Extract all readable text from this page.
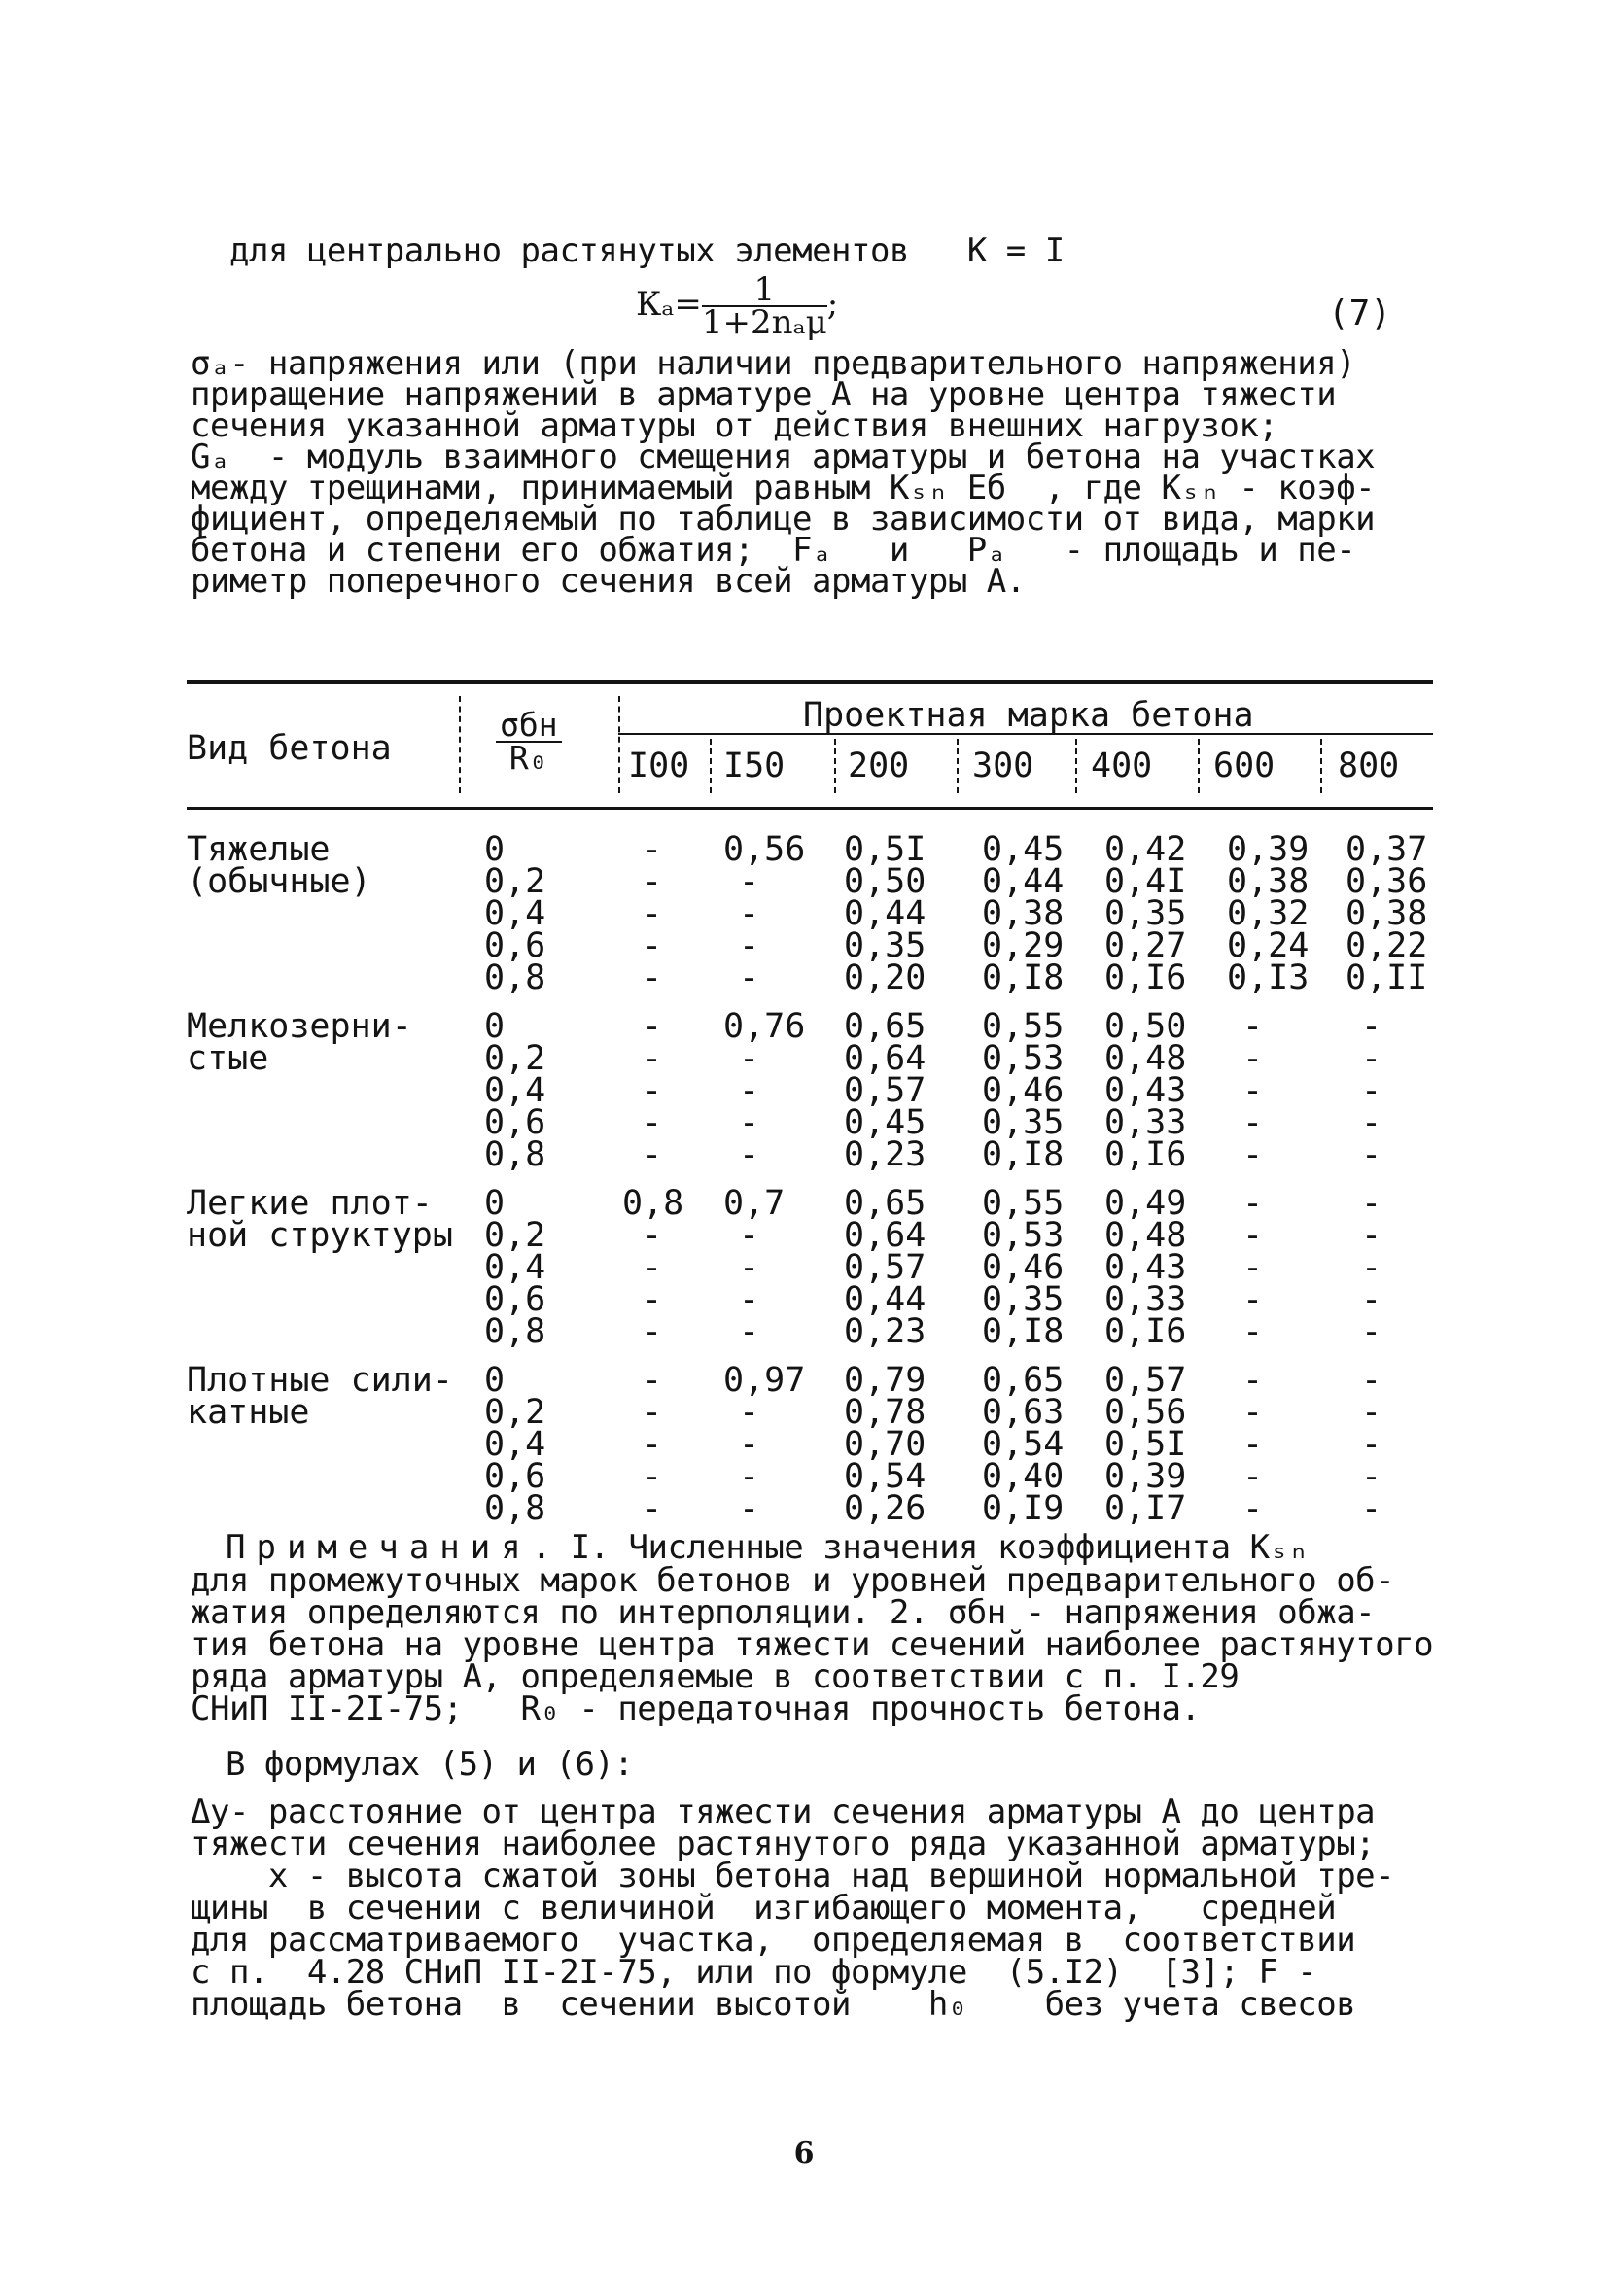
для центрально растянутых элементов   К = I
$К_a= \frac{1}{\text{1+2nₐμ}}$ ;	(7)
σₐ- напряжения или (при наличии предварительного напряжения)
приращение напряжений в арматуре А на уровне центра тяжести
сечения указанной арматуры от действия внешних нагрузок;
Gₐ  - модуль взаимного смещения арматуры и бетона на участках
между трещинами, принимаемый равным Кₛₙ Eб  , где Кₛₙ - коэф-
фициент, определяемый по таблице в зависимости от вида, марки
бетона и степени его обжатия;  Fₐ   и   Pₐ   - площадь и пе-
риметр поперечного сечения всей арматуры А.
Вид бетона	$\frac{\text{σбн}}{\text{R₀}}$	Проектная марка бетона
I00 I50 200 300 400 600 800
Тяжелые
(обычные)
0	- 0,56 0,5I 0,45 0,42 0,39 0,37
0,2	- - 0,50 0,44 0,4I 0,38 0,36
0,4	- - 0,44 0,38 0,35 0,32 0,38
0,6	- - 0,35 0,29 0,27 0,24 0,22
0,8	- - 0,20 0,I8 0,I6 0,I3 0,II
Мелкозерни-
стые
0	- 0,76 0,65 0,55 0,50 -	-
0,2	- - 0,64 0,53 0,48 -	-
0,4	- - 0,57 0,46 0,43 -	-
0,6	- - 0,45 0,35 0,33 -	-
0,8	- - 0,23 0,I8 0,I6 -	-
Легкие плот-
ной структуры
0	0,8 0,7 0,65 0,55 0,49 -	-
0,2	- - 0,64 0,53 0,48 -	-
0,4	- - 0,57 0,46 0,43 -	-
0,6	- - 0,44 0,35 0,33 -	-
0,8	- - 0,23 0,I8 0,I6 -	-
Плотные сили-
катные
0	- 0,97 0,79 0,65 0,57 -	-
0,2	- - 0,78 0,63 0,56 -	-
0,4	- - 0,70 0,54 0,5I -	-
0,6	- - 0,54 0,40 0,39 -	-
0,8	- - 0,26 0,I9 0,I7 -	-
Примечания. I. Численные значения коэффициента Кₛₙ
для промежуточных марок бетонов и уровней предварительного об-
жатия определяются по интерполяции. 2. σбн - напряжения обжа-
тия бетона на уровне центра тяжести сечений наиболее растянутого
ряда арматуры А, определяемые в соответствии с п. I.29
СНиП II-2I-75;   R₀ - передаточная прочность бетона.
В формулах (5) и (6):
Δу- расстояние от центра тяжести сечения арматуры А до центра
тяжести сечения наиболее растянутого ряда указанной арматуры;
х - высота сжатой зоны бетона над вершиной нормальной тре-
щины  в сечении с величиной  изгибающего момента,   средней
для рассматриваемого  участка,  определяемая в  соответствии
с п.  4.28 СНиП II-2I-75, или по формуле  (5.I2)  [3]; F -
площадь бетона  в  сечении высотой    h₀    без учета свесов
6
